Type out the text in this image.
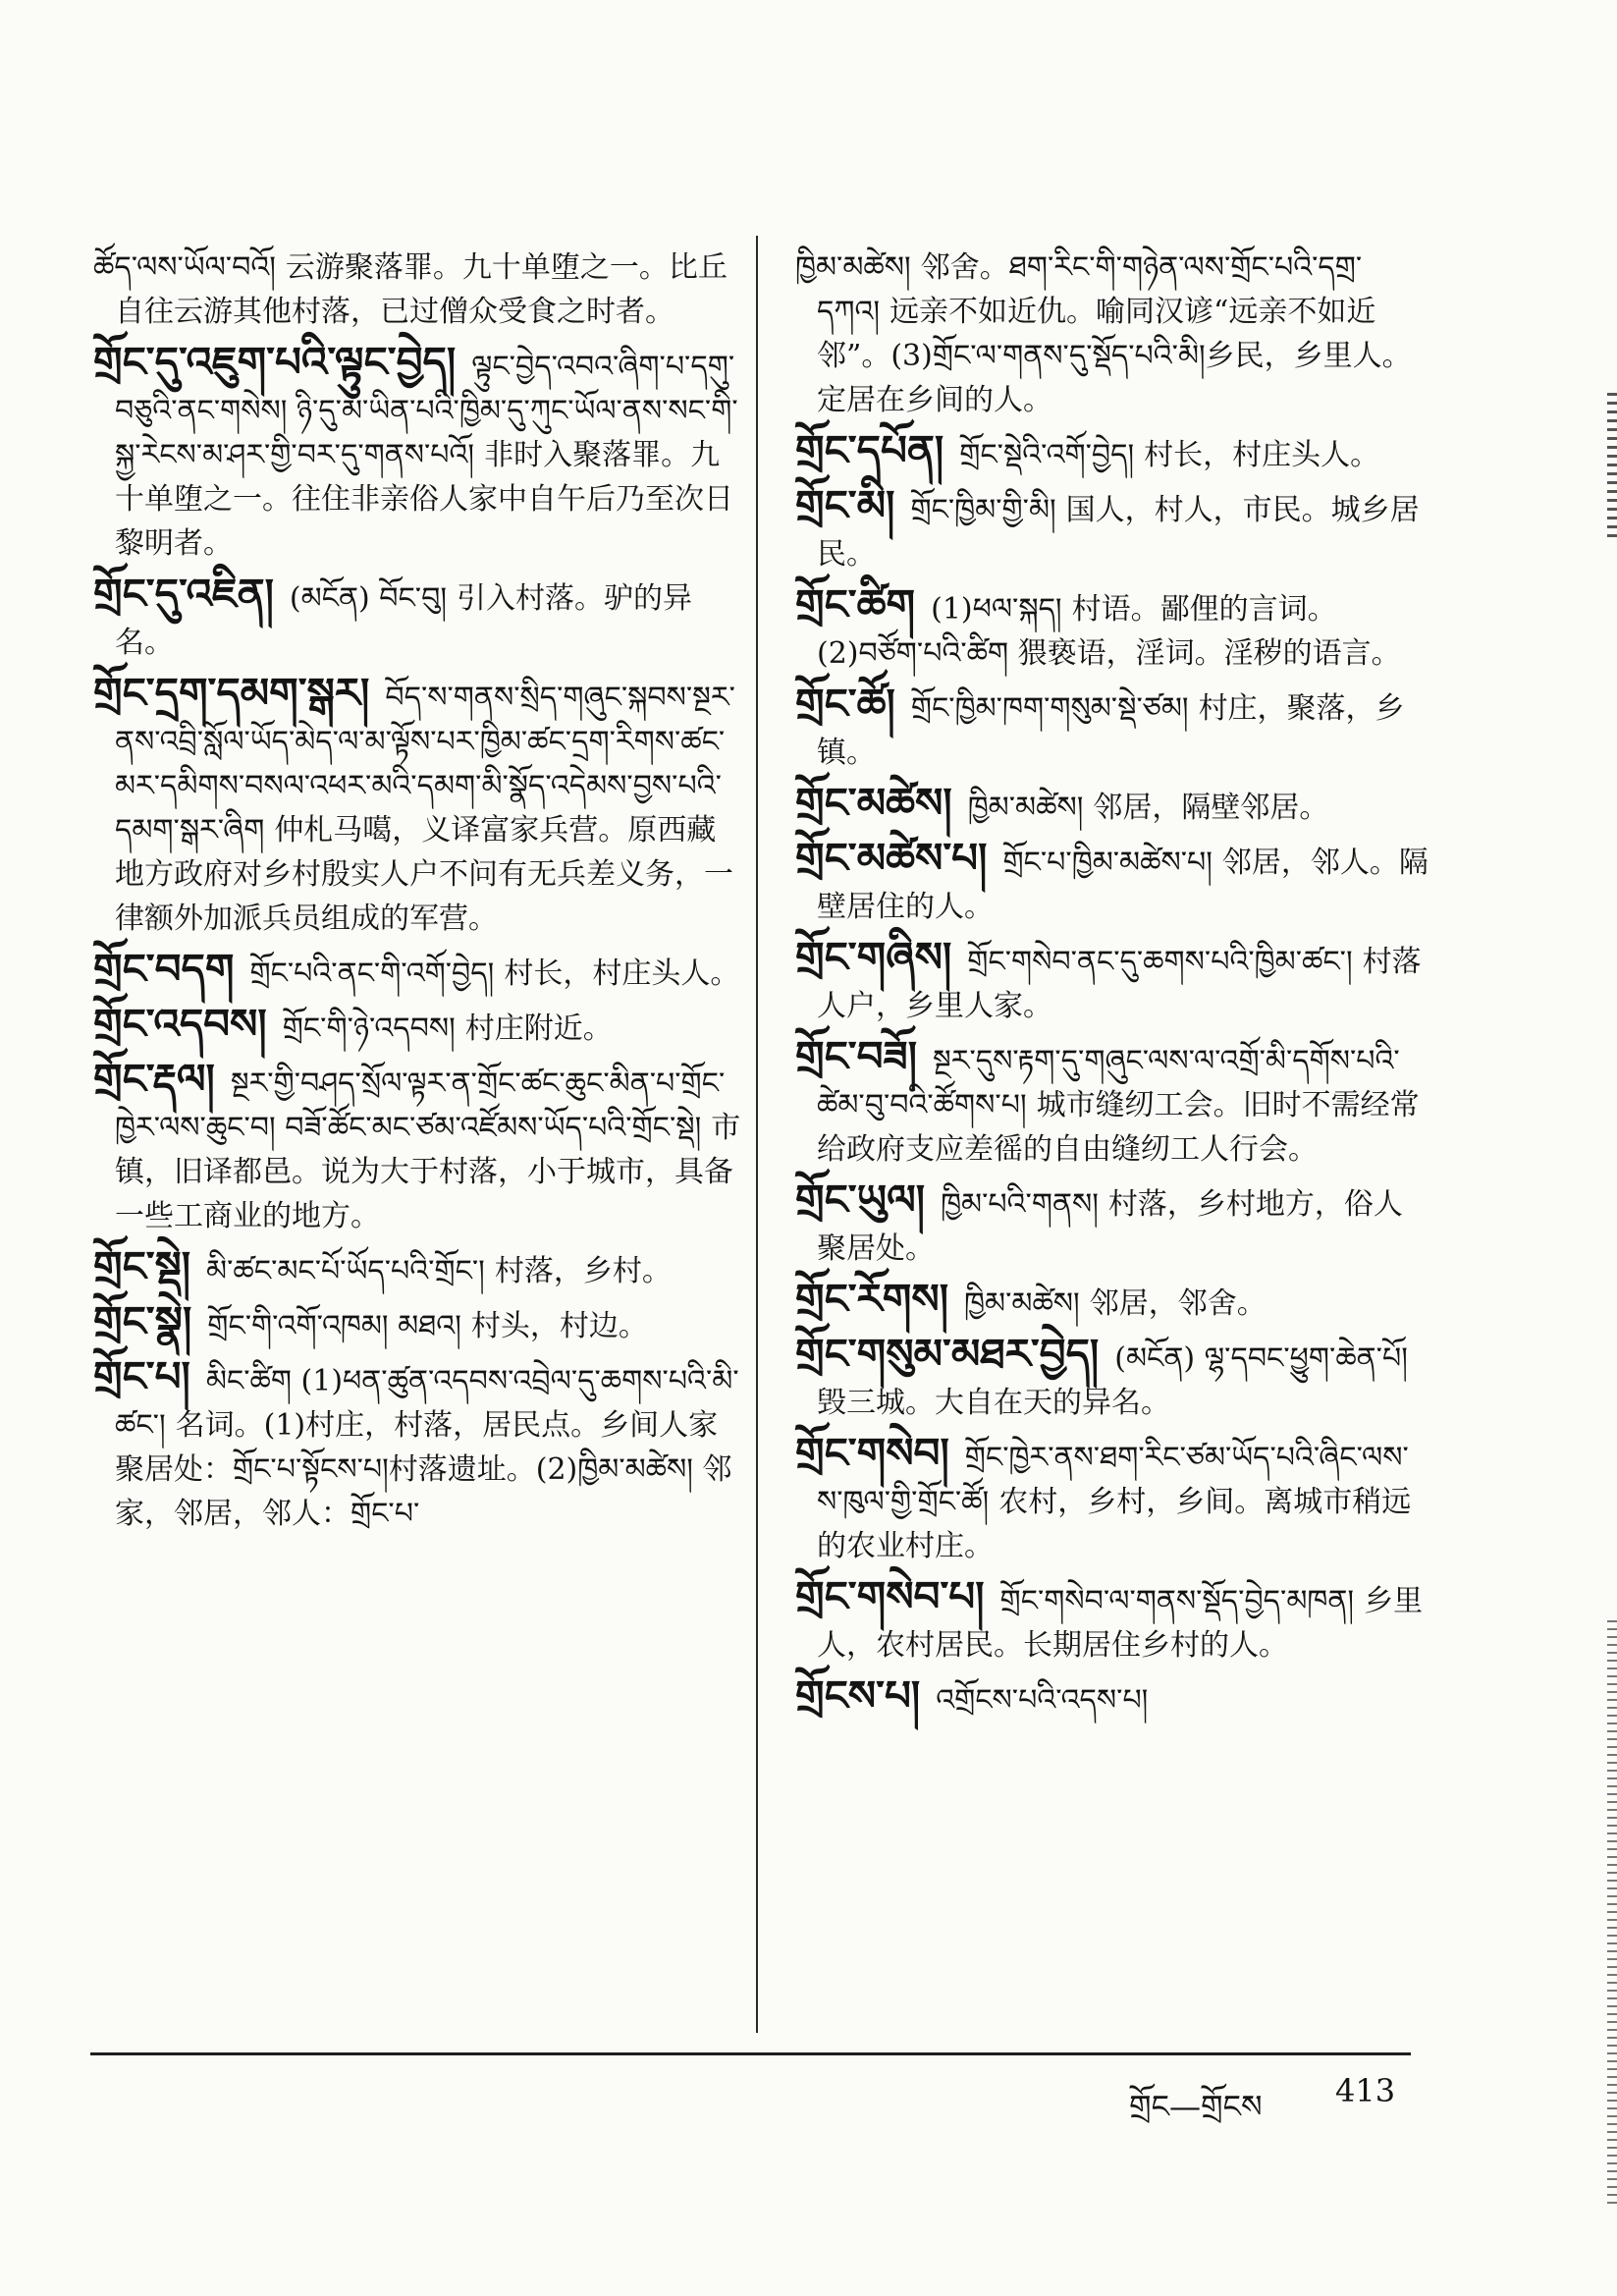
ཚོད་ལས་ཡོལ་བའོ། 云游聚落罪。九十单堕之一。比丘自往云游其他村落，已过僧众受食之时者。

གྲོང་དུ་འཇུག་པའི་ལྟུང་བྱེད། ལྟུང་བྱེད་འབའ་ཞིག་པ་དགུ་བཅུའི་ནང་གསེས། ཉི་དུ་མ་ཡིན་པའི་ཁྱིམ་དུ་ཀུང་ཡོལ་ནས་སང་གི་སྐྱ་རེངས་མ་ཤར་གྱི་བར་དུ་གནས་པའོ། 非时入聚落罪。九十单堕之一。往住非亲俗人家中自午后乃至次日黎明者。

གྲོང་དུ་འཇིན། (མངོན) བོང་བུ། 引入村落。驴的异名。

གྲོང་དྲག་དམག་སྒར། བོད་ས་གནས་སྲིད་གཞུང་སྐབས་སྔར་ནས་འབྲི་སློལ་ཡོད་མེད་ལ་མ་ལྟོས་པར་ཁྱིམ་ཚང་དྲག་རིགས་ཚང་མར་དམིགས་བསལ་འཕར་མའི་དམག་མི་སྣོད་འདེམས་བྱས་པའི་དམག་སྒར་ཞིག 仲札马噶，义译富家兵营。原西藏地方政府对乡村殷实人户不问有无兵差义务，一律额外加派兵员组成的军营。

གྲོང་བདག གྲོང་པའི་ནང་གི་འགོ་བྱེད། 村长，村庄头人。

གྲོང་འདབས། གྲོང་གི་ཉེ་འདབས། 村庄附近。

གྲོང་རྡལ། སྔར་གྱི་བཤད་སྲོལ་ལྟར་ན་གྲོང་ཚང་ཆུང་མིན་པ་གྲོང་ཁྱེར་ལས་ཆུང་བ། བཟོ་ཚོང་མང་ཙམ་འཛོམས་ཡོད་པའི་གྲོང་སྡེ། 市镇，旧译都邑。说为大于村落，小于城市，具备一些工商业的地方。

གྲོང་སྡེ། མི་ཚང་མང་པོ་ཡོད་པའི་གྲོང་། 村落，乡村。

གྲོང་སྣེ། གྲོང་གི་འགོ་འཁམ། མཐའ། 村头，村边。

གྲོང་པ། མིང་ཚིག (1)ཕན་ཚུན་འདབས་འབྲེལ་དུ་ཆགས་པའི་མི་ཚང་། 名词。(1)村庄，村落，居民点。乡间人家聚居处：གྲོང་པ་སྟོངས་པ།村落遗址。(2)ཁྱིམ་མཚེས། 邻家，邻居，邻人：གྲོང་པ་

ཁྱིམ་མཚེས། 邻舍。ཐག་རིང་གི་གཉེན་ལས་གྲོང་པའི་དགྲ་དཀའ། 远亲不如近仇。喻同汉谚“远亲不如近邻”。(3)གྲོང་ལ་གནས་དུ་སྡོད་པའི་མི།乡民，乡里人。定居在乡间的人。

གྲོང་དཔོན། གྲོང་སྡེའི་འགོ་བྱེད། 村长，村庄头人。

གྲོང་མི། གྲོང་ཁྱིམ་གྱི་མི། 国人，村人，市民。城乡居民。

གྲོང་ཚིག (1)ཕལ་སྐད། 村语。鄙俚的言词。(2)བཙོག་པའི་ཚིག 猥亵语，淫词。淫秽的语言。

གྲོང་ཚོ། གྲོང་ཁྱིམ་ཁག་གསུམ་སྡེ་ཙམ། 村庄，聚落，乡镇。

གྲོང་མཚེས། ཁྱིམ་མཚེས། 邻居，隔壁邻居。

གྲོང་མཚེས་པ། གྲོང་པ་ཁྱིམ་མཚེས་པ། 邻居，邻人。隔壁居住的人。

གྲོང་གཞིས། གྲོང་གསེབ་ནང་དུ་ཆགས་པའི་ཁྱིམ་ཚང་། 村落人户，乡里人家。

གྲོང་བཟོ། སྔར་དུས་རྟག་དུ་གཞུང་ལས་ལ་འགྲོ་མི་དགོས་པའི་ཚེམ་བུ་བའི་ཚོགས་པ། 城市缝纫工会。旧时不需经常给政府支应差徭的自由缝纫工人行会。

གྲོང་ཡུལ། ཁྱིམ་པའི་གནས། 村落，乡村地方，俗人聚居处。

གྲོང་རོགས། ཁྱིམ་མཚེས། 邻居，邻舍。

གྲོང་གསུམ་མཐར་བྱེད། (མངོན) ལྷ་དབང་ཕྱུག་ཆེན་པོ།毁三城。大自在天的异名。

གྲོང་གསེབ། གྲོང་ཁྱེར་ནས་ཐག་རིང་ཙམ་ཡོད་པའི་ཞིང་ལས་ས་ཁུལ་གྱི་གྲོང་ཚོ། 农村，乡村，乡间。离城市稍远的农业村庄。

གྲོང་གསེབ་པ། གྲོང་གསེབ་ལ་གནས་སྡོད་བྱེད་མཁན། 乡里人，农村居民。长期居住乡村的人。

གྲོངས་པ། འགྲོངས་པའི་འདས་པ།

གྲོང—གྲོངས 413
